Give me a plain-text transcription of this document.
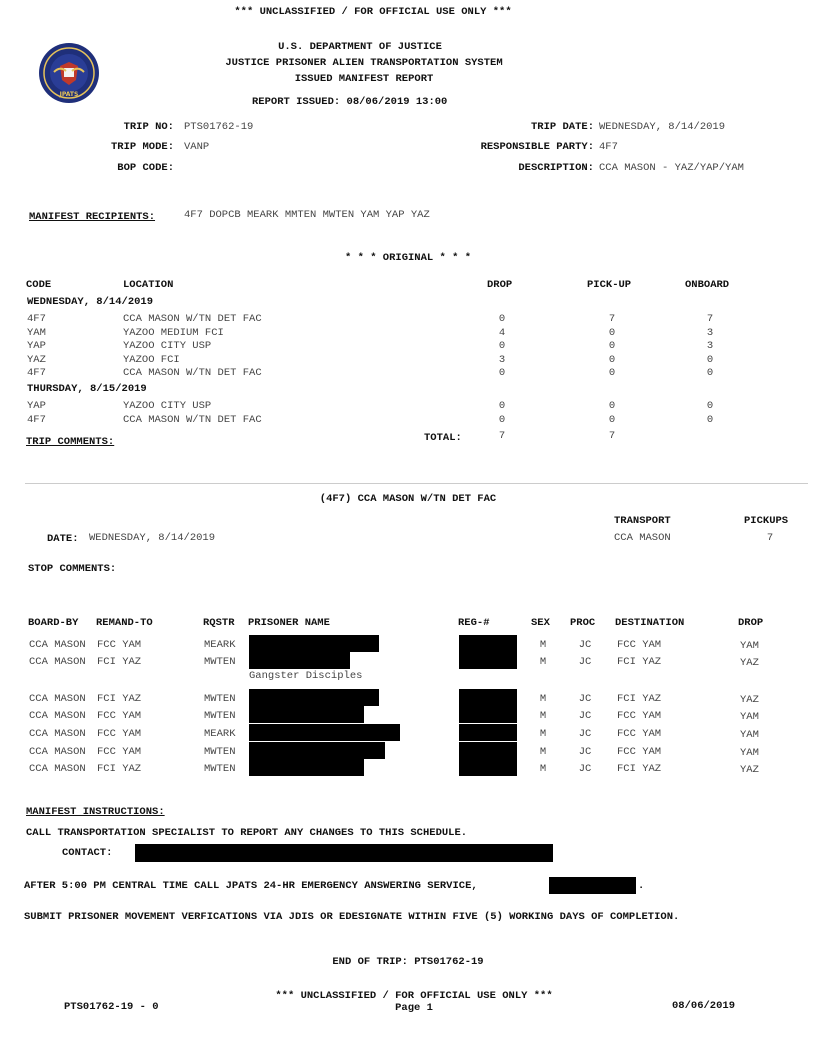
*** UNCLASSIFIED / FOR OFFICIAL USE ONLY ***
JPATS
U.S. DEPARTMENT OF JUSTICE
JUSTICE PRISONER ALIEN TRANSPORTATION SYSTEM
ISSUED MANIFEST REPORT
REPORT ISSUED: 08/06/2019 13:00
TRIP NO: PTS01762-19	TRIP DATE: WEDNESDAY, 8/14/2019
TRIP MODE: VANP	RESPONSIBLE PARTY: 4F7
BOP CODE:	DESCRIPTION: CCA MASON - YAZ/YAP/YAM
MANIFEST RECIPIENTS:	4F7 DOPCB MEARK MMTEN MWTEN YAM YAP YAZ
* * * ORIGINAL * * *
CODE	LOCATION	DROP	PICK-UP	ONBOARD
WEDNESDAY, 8/14/2019
4F7	CCA MASON W/TN DET FAC	0	7	7
YAM	YAZOO MEDIUM FCI	4	0	3
YAP	YAZOO CITY USP	0	0	3
YAZ	YAZOO FCI	3	0	0
4F7	CCA MASON W/TN DET FAC	0	0	0
THURSDAY, 8/15/2019
YAP	YAZOO CITY USP	0	0	0
4F7	CCA MASON W/TN DET FAC	0	0	0
TRIP COMMENTS:	TOTAL:	7	7
(4F7) CCA MASON W/TN DET FAC
TRANSPORT	PICKUPS
DATE: WEDNESDAY, 8/14/2019	CCA MASON	7
STOP COMMENTS:
BOARD-BY REMAND-TO	RQSTR PRISONER NAME	REG-#	SEX PROC DESTINATION	DROP
CCA MASON FCC YAM	MEARK	M	JC	FCC YAM	YAM
CCA MASON FCI YAZ	MWTEN	M	JC	FCI YAZ	YAZ
Gangster Disciples
CCA MASON FCI YAZ	MWTEN	M	JC	FCI YAZ	YAZ
CCA MASON FCC YAM	MWTEN	M	JC	FCC YAM	YAM
CCA MASON FCC YAM	MEARK	M	JC	FCC YAM	YAM
CCA MASON FCC YAM	MWTEN	M	JC	FCC YAM	YAM
CCA MASON FCI YAZ	MWTEN	M	JC	FCI YAZ	YAZ
MANIFEST INSTRUCTIONS:
CALL TRANSPORTATION SPECIALIST TO REPORT ANY CHANGES TO THIS SCHEDULE.
CONTACT:
AFTER 5:00 PM CENTRAL TIME CALL JPATS 24-HR EMERGENCY ANSWERING SERVICE,	.
SUBMIT PRISONER MOVEMENT VERFICATIONS VIA JDIS OR EDESIGNATE WITHIN FIVE (5) WORKING DAYS OF COMPLETION.
END OF TRIP: PTS01762-19
PTS01762-19 - 0
*** UNCLASSIFIED / FOR OFFICIAL USE ONLY ***
Page 1	08/06/2019
